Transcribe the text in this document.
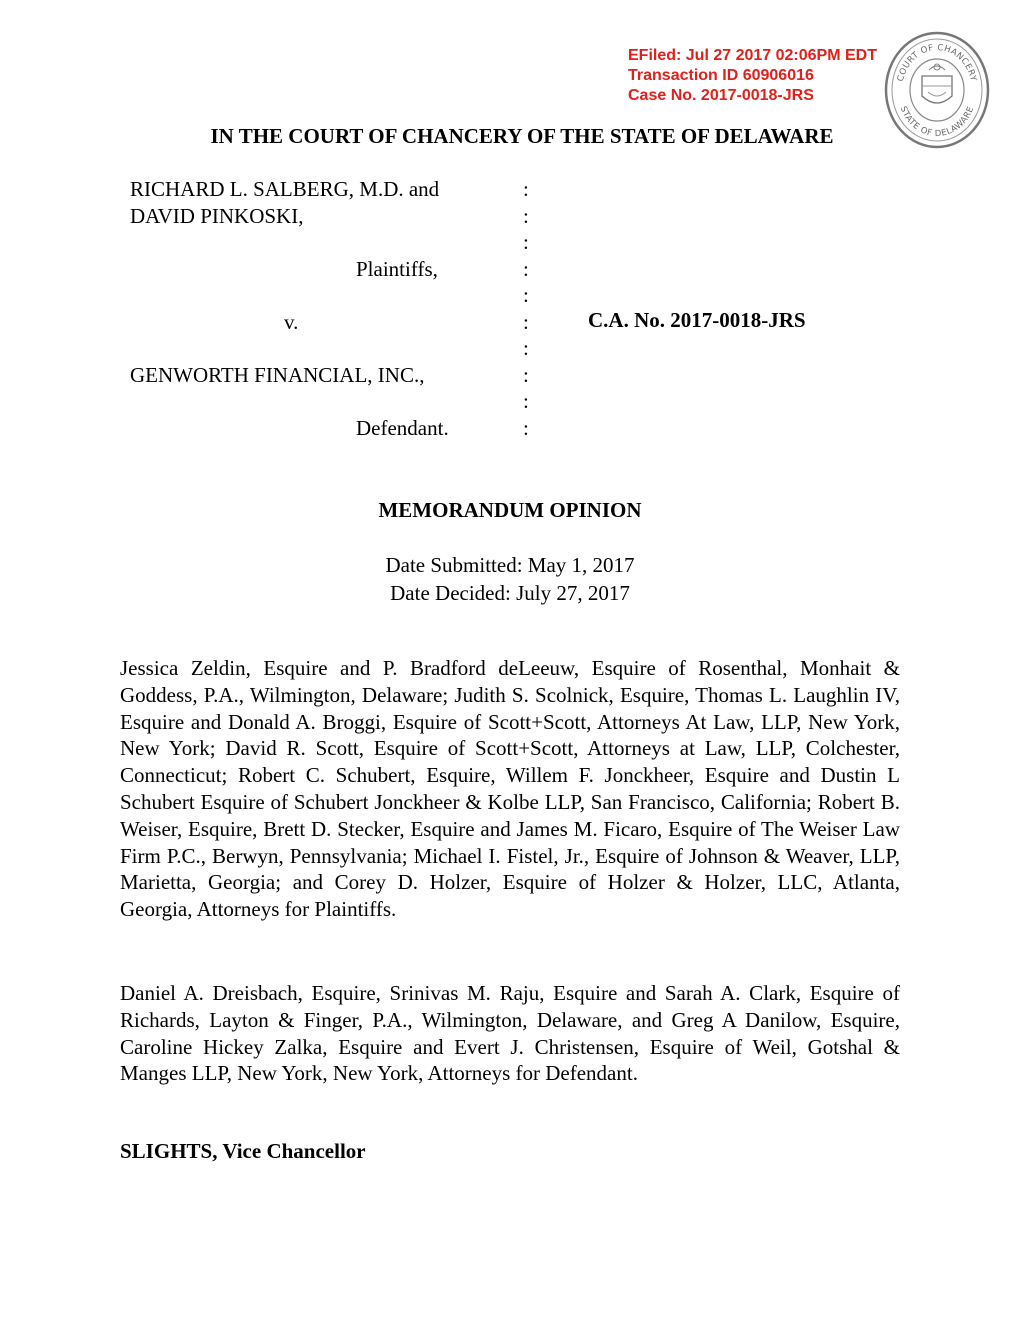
EFiled: Jul 27 2017 02:06PM EDT
Transaction ID 60906016
Case No. 2017-0018-JRS
COURT OF CHANCERY
STATE OF DELAWARE
IN THE COURT OF CHANCERY OF THE STATE OF DELAWARE
RICHARD L. SALBERG, M.D. and
DAVID PINKOSKI,
Plaintiffs,
v.
GENWORTH FINANCIAL, INC.,
Defendant.
:
:
:
:
:
:
:
:
:
:
C.A. No. 2017-0018-JRS
MEMORANDUM OPINION
Date Submitted: May 1, 2017
Date Decided: July 27, 2017

Jessica Zeldin, Esquire and P. Bradford deLeeuw, Esquire of Rosenthal, Monhait & Goddess, P.A., Wilmington, Delaware; Judith S. Scolnick, Esquire, Thomas L. Laughlin IV, Esquire and Donald A. Broggi, Esquire of Scott+Scott, Attorneys At Law, LLP, New York, New York; David R. Scott, Esquire of Scott+Scott, Attorneys at Law, LLP, Colchester, Connecticut; Robert C. Schubert, Esquire, Willem F. Jonckheer, Esquire and Dustin L Schubert Esquire of Schubert Jonckheer & Kolbe LLP, San Francisco, California; Robert B. Weiser, Esquire, Brett D. Stecker, Esquire and James M. Ficaro, Esquire of The Weiser Law Firm P.C., Berwyn, Pennsylvania; Michael I. Fistel, Jr., Esquire of Johnson & Weaver, LLP, Marietta, Georgia; and Corey D. Holzer, Esquire of Holzer & Holzer, LLC, Atlanta, Georgia, Attorneys for Plaintiffs.

Daniel A. Dreisbach, Esquire, Srinivas M. Raju, Esquire and Sarah A. Clark, Esquire of Richards, Layton & Finger, P.A., Wilmington, Delaware, and Greg A Danilow, Esquire, Caroline Hickey Zalka, Esquire and Evert J. Christensen, Esquire of Weil, Gotshal & Manges LLP, New York, New York, Attorneys for Defendant.

SLIGHTS, Vice Chancellor
